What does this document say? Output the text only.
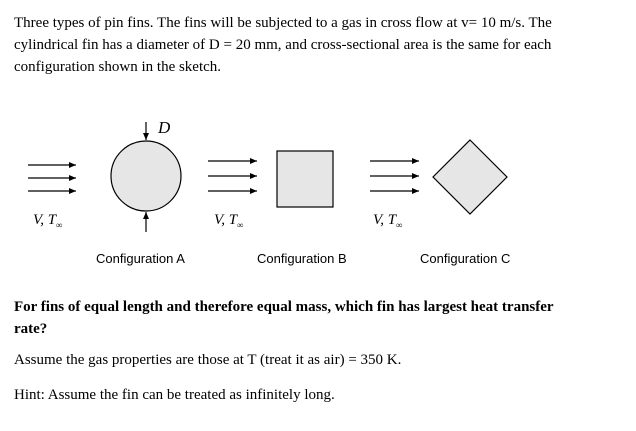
Three types of pin fins. The fins will be subjected to a gas in cross flow at v= 10 m/s. The
cylindrical fin has a diameter of D = 20 mm, and cross-sectional area is the same for each
configuration shown in the sketch.
V, $T_\infty$
D
V, $T_\infty$	V, $T_\infty$
Configuration A	Configuration B	Configuration C
For fins of equal length and therefore equal mass, which fin has largest heat transfer
rate?
Assume the gas properties are those at T (treat it as air) = 350 K.
Hint: Assume the fin can be treated as infinitely long.
